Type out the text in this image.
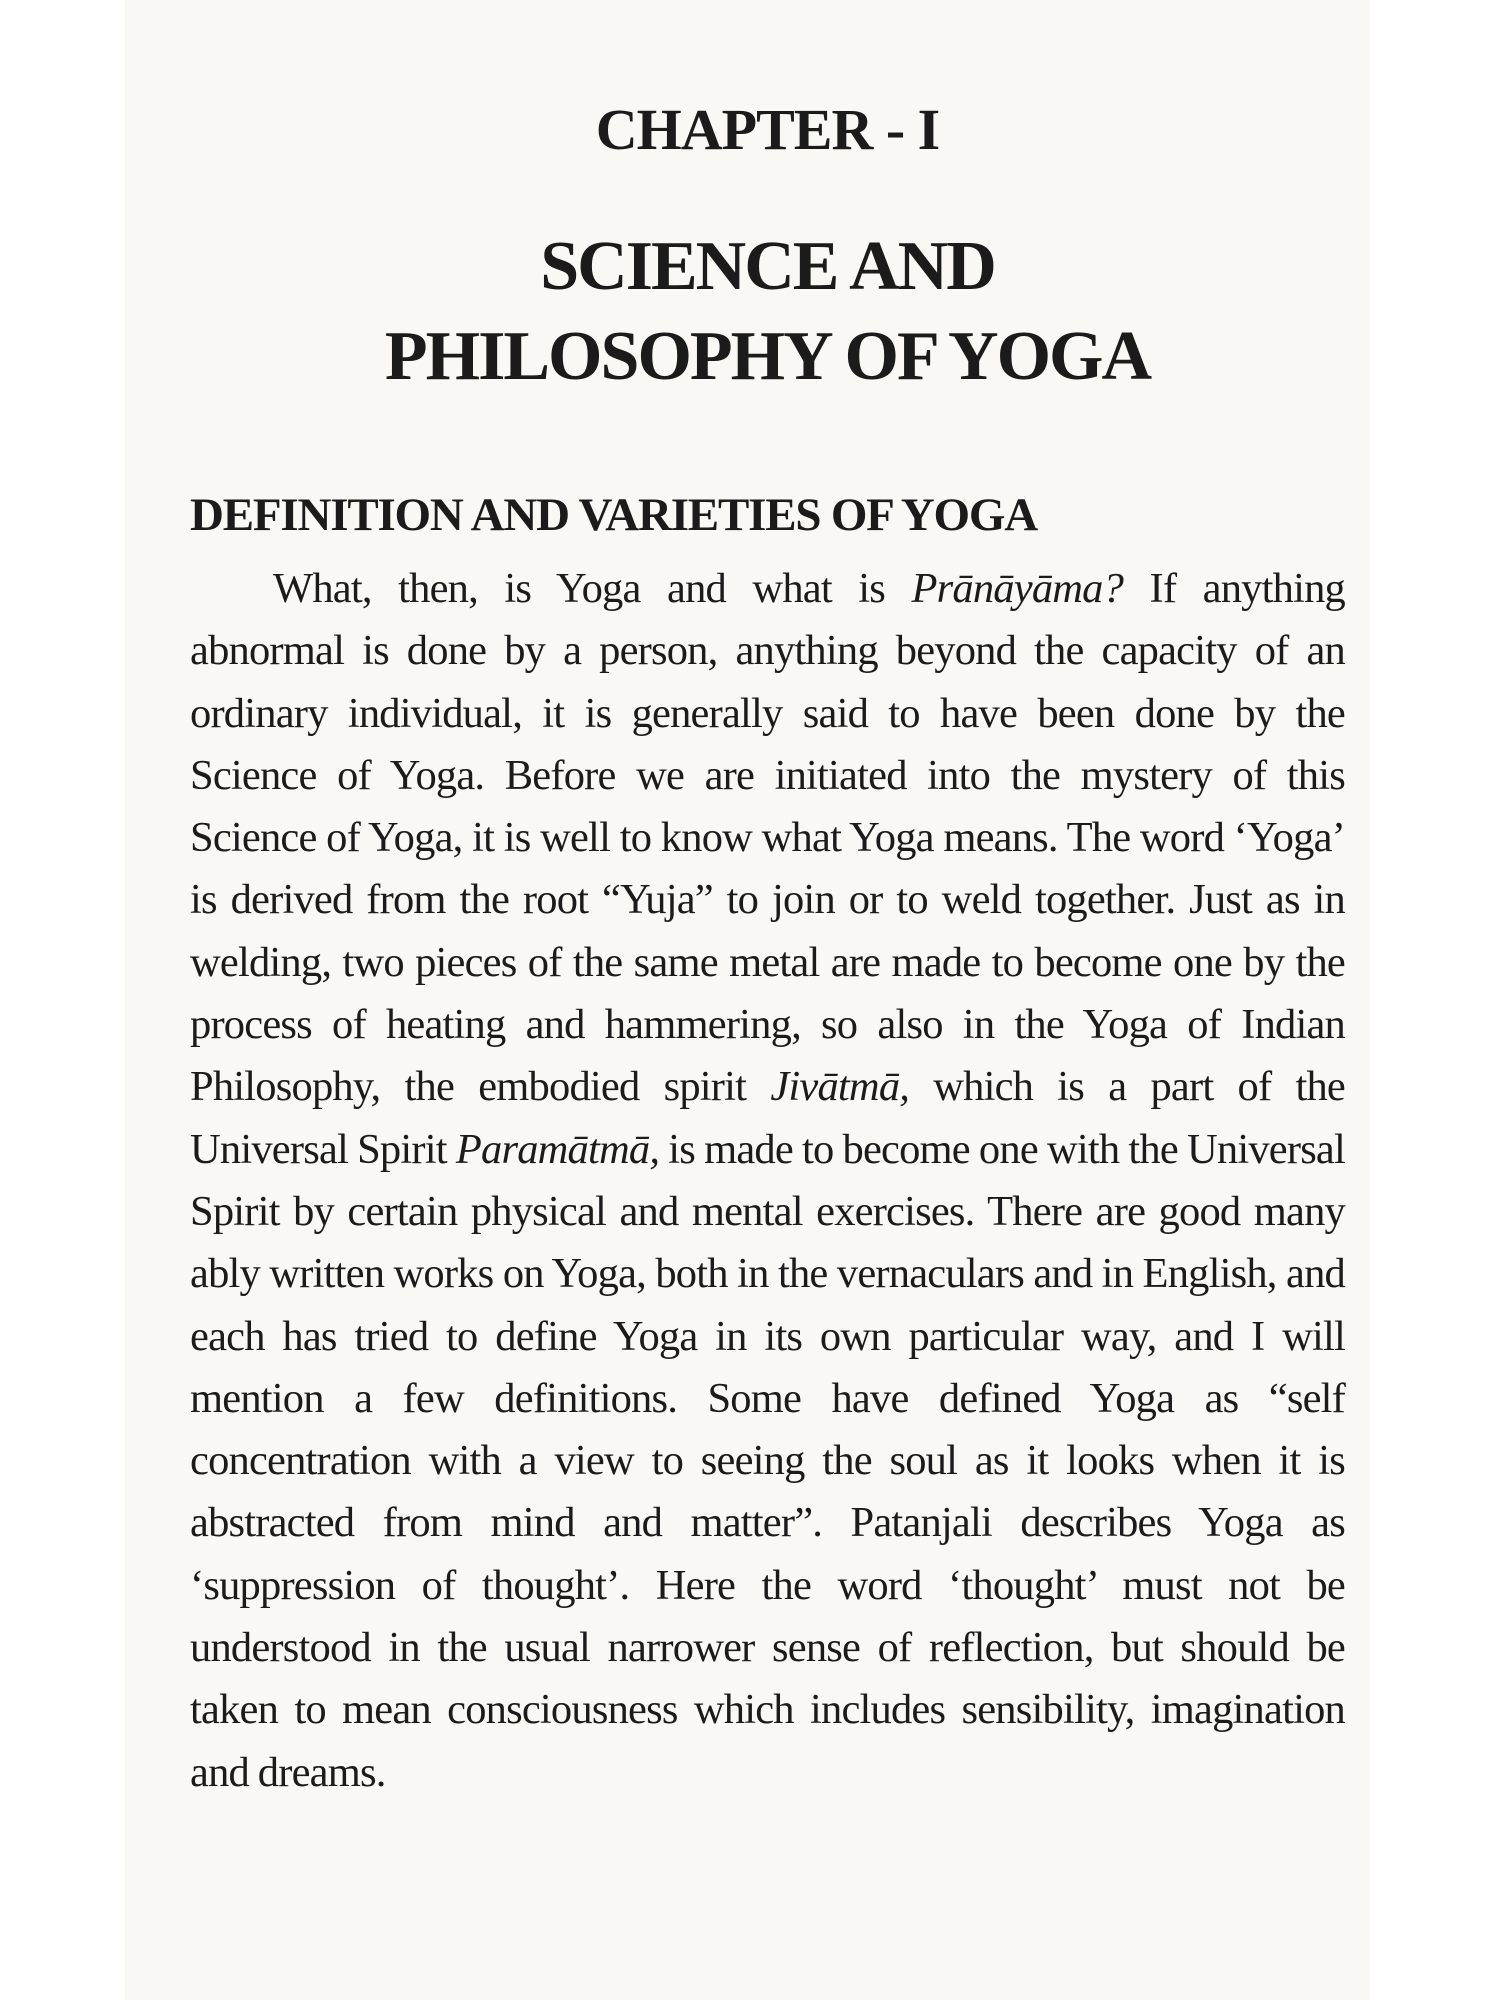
CHAPTER - I
SCIENCE AND
PHILOSOPHY OF YOGA
DEFINITION AND VARIETIES OF YOGA

What, then, is Yoga and what is Prānāyāma? If anything abnormal is done by a person, anything beyond the capacity of an ordinary individual, it is generally said to have been done by the Science of Yoga. Before we are initiated into the mystery of this Science of Yoga, it is well to know what Yoga means. The word ‘Yoga’ is derived from the root “Yuja” to join or to weld together. Just as in welding, two pieces of the same metal are made to become one by the process of heating and hammering, so also in the Yoga of Indian Philosophy, the embodied spirit Jivātmā, which is a part of the Universal Spirit Paramātmā, is made to become one with the Universal Spirit by certain physical and mental exercises. There are good many ably written works on Yoga, both in the vernaculars and in English, and each has tried to define Yoga in its own particular way, and I will mention a few definitions. Some have defined Yoga as “self concentration with a view to seeing the soul as it looks when it is abstracted from mind and matter”. Patanjali describes Yoga as ‘suppression of thought’. Here the word ‘thought’ must not be understood in the usual narrower sense of reflection, but should be taken to mean consciousness which includes sensibility, imagination and dreams.
